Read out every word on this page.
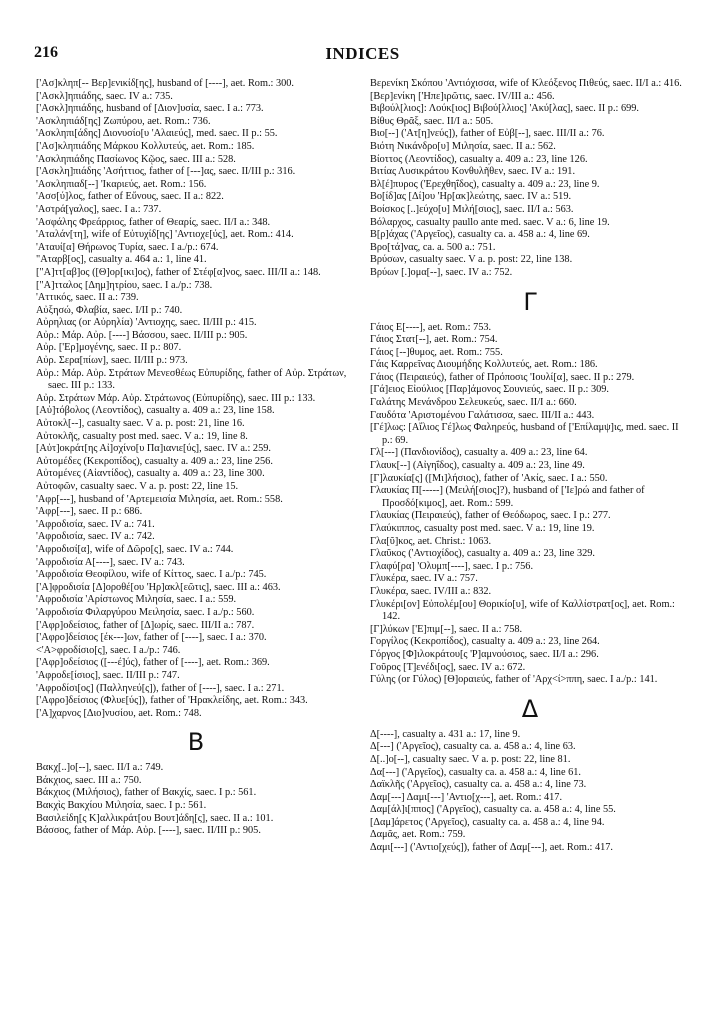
216	INDICES

['Ασ]κληπ[-- Βερ]ενικίδ[ης], husband of [----], aet. Rom.: 300.

['Ασκλ]ηπιάδης, saec. IV a.: 735.

['Ασκλ]ηπιάδης, husband of [Διον]υσία, saec. I a.: 773.

'Ασκληπιάδ[ης] Ζωπύρου, aet. Rom.: 736.

'Ασκληπι[άδης] Διονυσίο[υ 'Αλαιεύς], med. saec. II p.: 55.

['Ασ]κληπιάδης Μάρκου Κολλυτεύς, aet. Rom.: 185.

'Ασκληπιάδης Πασίωνος Κῷος, saec. III a.: 528.

['Ασκλη]πιάδης 'Ασήττιος, father of [---]ας, saec. II/III p.: 316.

'Ασκληπιαδ[--] 'Ικαριεύς, aet. Rom.: 156.

'Ασσ[ύ]λος, father of Εὔνους, saec. II a.: 822.

'Αστρά[γαλος], saec. I a.: 737.

'Ασφάλης Φρεάρριος, father of Θεαρίς, saec. II/I a.: 348.

'Αταλάν[τη], wife of Εὐτυχίδ[ης] 'Αντιοχε[ύς], aet. Rom.: 414.

'Αταυί[α] Θήρωνος Τυρία, saec. I a./p.: 674.

"Αταρβ[ος], casualty a. 464 a.: 1, line 41.

["Α]ττ[αβ]ος ([Θ]ορ[ικι]ος), father of Στέφ[α]νος, saec. III/II a.: 148.

["Α]τταλος [Δημ]ητρίου, saec. I a./p.: 738.

'Αττικός, saec. II a.: 739.

Αὐξησώ, Φλαβία, saec. I/II p.: 740.

Αὐρηλιας (or Αὐρηλία) 'Αντιοχης, saec. II/III p.: 415.

Αὐρ.: Μάρ. Αὐρ. [----] Βάσσου, saec. II/III p.: 905.

Αὐρ. ['Ερ]μογένης, saec. II p.: 807.

Αὐρ. Σερα[πίων], saec. II/III p.: 973.

Αὐρ.: Μάρ. Αὐρ. Στράτων Μενεσθέως Εὐπυρίδης, father of Αὐρ. Στράτων, saec. III p.: 133.

Αὐρ. Στράτων Μάρ. Αὐρ. Στράτωνος (Εὐπυρίδης), saec. III p.: 133.

[Αὐ]τόβολος (Λεοντίδος), casualty a. 409 a.: 23, line 158.

Αὐτοκλ[--], casualty saec. V a. p. post: 21, line 16.

Αὐτοκλῆς, casualty post med. saec. V a.: 19, line 8.

[Αὐτ]οκράτ[ης Αἰ]σχίνο[υ Πα]ιανιε[ύς], saec. IV a.: 259.

Αὐτομέδες (Κεκροπίδος), casualty a. 409 a.: 23, line 256.

Αὐτομένες (Αἰαντίδος), casualty a. 409 a.: 23, line 300.

Αὐτοφῶν, casualty saec. V a. p. post: 22, line 15.

'Αφρ[---], husband of 'Αρτεμεισία Μιλησία, aet. Rom.: 558.

'Αφρ[---], saec. II p.: 686.

'Αφροδισία, saec. IV a.: 741.

'Αφροδισία, saec. IV a.: 742.

'Αφροδισί[α], wife of Δῶρο[ς], saec. IV a.: 744.

'Αφροδισία Α[----], saec. IV a.: 743.

'Αφροδισία Θεοφίλου, wife of Κίττος, saec. I a./p.: 745.

['Α]φροδισία [Δ]οροθέ[ου 'Ηρ]ακλ[εῶτις], saec. III a.: 463.

'Αφροδισία 'Αρίστωνος Μιλησία, saec. I a.: 559.

'Αφροδισία Φιλαργύρου Μειλησία, saec. I a./p.: 560.

['Αφρ]οδείσιος, father of [Δ]ωρίς, saec. III/II a.: 787.

['Αφρο]δείσιος [έκ---]ων, father of [----], saec. I a.: 370.

<'Α>φροδίσιο[ς], saec. I a./p.: 746.

['Αφρ]οδείσιος ([---έ]ύς), father of [----], aet. Rom.: 369.

'Αφροδε[ίσιος], saec. II/III p.: 747.

'Αφροδίσι[ος] (Παλληνεύ[ς]), father of [----], saec. I a.: 271.

['Αφρο]δείσιος (Φλυε[ύς]), father of 'Ηρακλείδης, aet. Rom.: 343.

['Α]χαρνος [Διο]νυσίου, aet. Rom.: 748.

Β

Βακχ[..]ο[--], saec. II/I a.: 749.

Βάκχιος, saec. III a.: 750.

Βάκχιος (Μιλήσιος), father of Βακχίς, saec. I p.: 561.

Βακχὶς Βακχίου Μιλησία, saec. I p.: 561.

Βασιλείδη[ς Κ]αλλικράτ[ου Βουτ]άδη[ς], saec. II a.: 101.

Βάσσος, father of Μάρ. Αὐρ. [----], saec. II/III p.: 905.

Βερενίκη Σκόπου 'Αντιόχισσα, wife of Κλεόξενος Πιθεύς, saec. II/I a.: 416.

[Βερ]ενίκη ['Ηπε]ιρῶτις, saec. IV/III a.: 456.

Βιβούλ[λιος]: Λούκ[ιος] Βιβού[λλιος] 'Ακύ[λας], saec. II p.: 699.

Βίθυς Θρᾶξ, saec. II/I a.: 505.

Βιο[--] ('Ατ[η]νεύς]), father of Εὐβ[--], saec. III/II a.: 76.

Βιότη Νικάνδρο[υ] Μιλησία, saec. II a.: 562.

Βίοττος (Λεοντίδος), casualty a. 409 a.: 23, line 126.

Βιτίας Λυσικράτου Κονθυλῆθεν, saec. IV a.: 191.

Βλ[έ]πυρος ('Ερεχθηΐδος), casualty a. 409 a.: 23, line 9.

Βο[ίδ]ας [Δί]ου 'Ηρ[ακ]λεώτης, saec. IV a.: 519.

Βοίσκος [..]εύχο[υ] Μιλή[σιος], saec. II/I a.: 563.

Βόλαρχος, casualty paullo ante med. saec. V a.: 6, line 19.

Β[ρ]άχας ('Αργεῖος), casualty ca. a. 458 a.: 4, line 69.

Βρο[τά]νας, ca. a. 500 a.: 751.

Βρύσων, casualty saec. V a. p. post: 22, line 138.

Βρύων [.]ομα[--], saec. IV a.: 752.

Γ

Γάιος Ε[----], aet. Rom.: 753.

Γάιος Στατ[--], aet. Rom.: 754.

Γάιος [--]θυμος, aet. Rom.: 755.

Γάις Καρρεῖνας Διουμήδης Κολλυτεύς, aet. Rom.: 186.

Γάιος (Πειραιεύς), father of Πρόποσις 'Ιουλί[α], saec. II p.: 279.

[Γά]ειος Εἰούλιος [Παρ]άμονος Σουνιεύς, saec. II p.: 309.

Γαλάτης Μενάνδρου Σελευκεύς, saec. II/I a.: 660.

Γαυδότα 'Αριστομένου Γαλάτισσα, saec. III/II a.: 443.

[Γέ]λως: [Αἴλιος Γέ]λως Φαληρεύς, husband of ['Επίλαμψ]ις, med. saec. II p.: 69.

Γλ[---] (Πανδιονίδος), casualty a. 409 a.: 23, line 64.

Γλαυκ[--] (Αἰγηΐδος), casualty a. 409 a.: 23, line 49.

[Γ]λαυκία[ς] ([Μι]λήσιος), father of 'Ακίς, saec. I a.: 550.

Γλαυκίας Π[-----] (Μειλή[σιος]?), husband of ['Ιε]ρώ and father of Προσδό[κιμος], aet. Rom.: 599.

Γλαυκίας (Πειραιεύς), father of Θεόδωρος, saec. I p.: 277.

Γλαύκιππος, casualty post med. saec. V a.: 19, line 19.

Γλα[ῦ]κος, aet. Christ.: 1063.

Γλαῦκος ('Αντιοχίδος), casualty a. 409 a.: 23, line 329.

Γλαφύ[ρα] 'Ολυμπ[----], saec. I p.: 756.

Γλυκέρα, saec. IV a.: 757.

Γλυκέρα, saec. IV/III a.: 832.

Γλυκέρι[ον] Εὐπολέμ[ου] Θορικίο[υ], wife of Καλλίστρατ[ος], aet. Rom.: 142.

[Γ]λύκων ['Ε]πιμ[--], saec. II a.: 758.

Γοργίλος (Κεκροπίδος), casualty a. 409 a.: 23, line 264.

Γόργος [Φ]ιλοκράτου[ς 'Ρ]αμνούσιος, saec. II/I a.: 296.

Γοῦρος [Τ]ενέδι[ος], saec. IV a.: 672.

Γύλης (or Γύλος) [Θ]οραιεύς, father of 'Αρχ<ί>ππη, saec. I a./p.: 141.

Δ

Δ[----], casualty a. 431 a.: 17, line 9.

Δ[---] ('Αργεῖος), casualty ca. a. 458 a.: 4, line 63.

Δ[..]ο[--], casualty saec. V a. p. post: 22, line 81.

Δα[---] ('Αργεῖος), casualty ca. a. 458 a.: 4, line 61.

Δαϊκλῆς ('Αργεῖος), casualty ca. a. 458 a.: 4, line 73.

Δαμ[---] Δαμι[---] 'Αντιο[χ---], aet. Rom.: 417.

Δαμ[άλ]ι[ππος] ('Αργεῖος), casualty ca. a. 458 a.: 4, line 55.

[Δαμ]άρετος ('Αργεῖος), casualty ca. a. 458 a.: 4, line 94.

Δαμᾶς, aet. Rom.: 759.

Δαμι[---] ('Αντιο[χεύς]), father of Δαμ[---], aet. Rom.: 417.
